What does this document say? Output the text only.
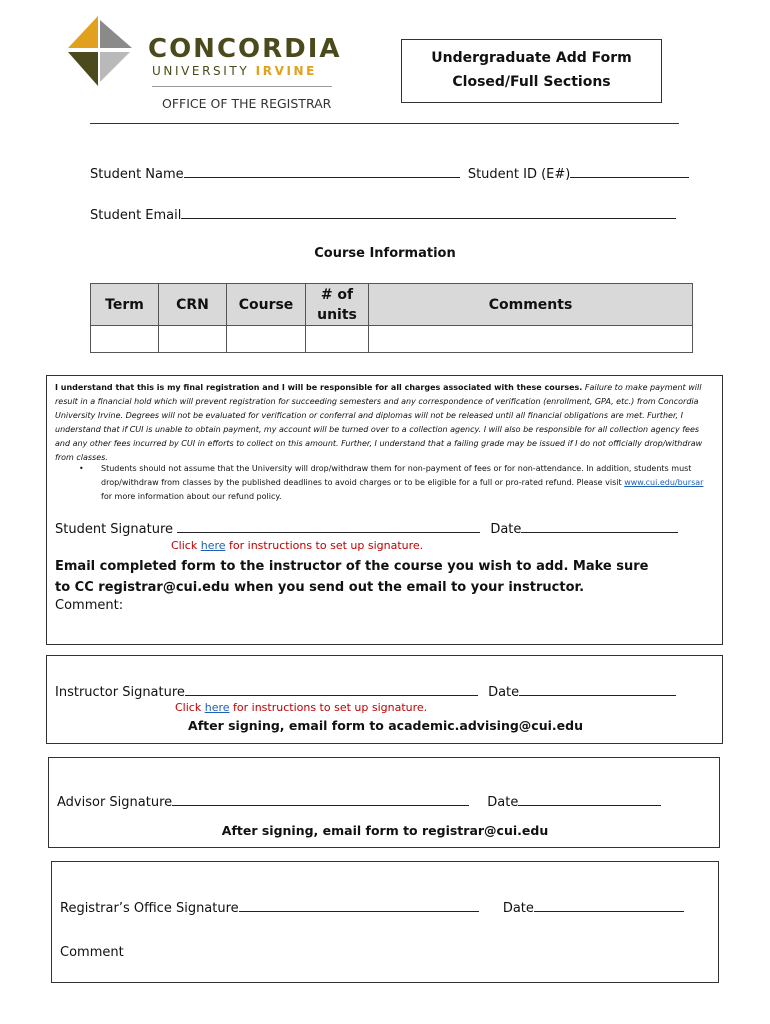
CONCORDIA
UNIVERSITY IRVINE
OFFICE OF THE REGISTRAR
Undergraduate Add Form
Closed/Full Sections
Student Name	Student ID (E#)
Student Email
Course Information
Term	CRN	Course	# of units	Comments

I understand that this is my final registration and I will be responsible for all charges associated with these courses. Failure to make payment will result in a financial hold which will prevent registration for succeeding semesters and any correspondence of verification (enrollment, GPA, etc.) from Concordia University Irvine. Degrees will not be evaluated for verification or conferral and diplomas will not be released until all financial obligations are met. Further, I understand that if CUI is unable to obtain payment, my account will be turned over to a collection agency. I will also be responsible for all collection agency fees and any other fees incurred by CUI in efforts to collect on this amount. Further, I understand that a failing grade may be issued if I do not officially drop/withdraw from classes.
• Students should not assume that the University will drop/withdraw them for non-payment of fees or for non-attendance. In addition, students must drop/withdraw from classes by the published deadlines to avoid charges or to be eligible for a full or pro-rated refund. Please visit www.cui.edu/bursar for more information about our refund policy.
Student Signature	Date
Click here for instructions to set up signature.
Email completed form to the instructor of the course you wish to add. Make sure to CC registrar@cui.edu when you send out the email to your instructor.
Comment:
Instructor Signature	Date
Click here for instructions to set up signature.
After signing, email form to academic.advising@cui.edu
Advisor Signature	Date
After signing, email form to registrar@cui.edu
Registrar’s Office Signature	Date
Comment
